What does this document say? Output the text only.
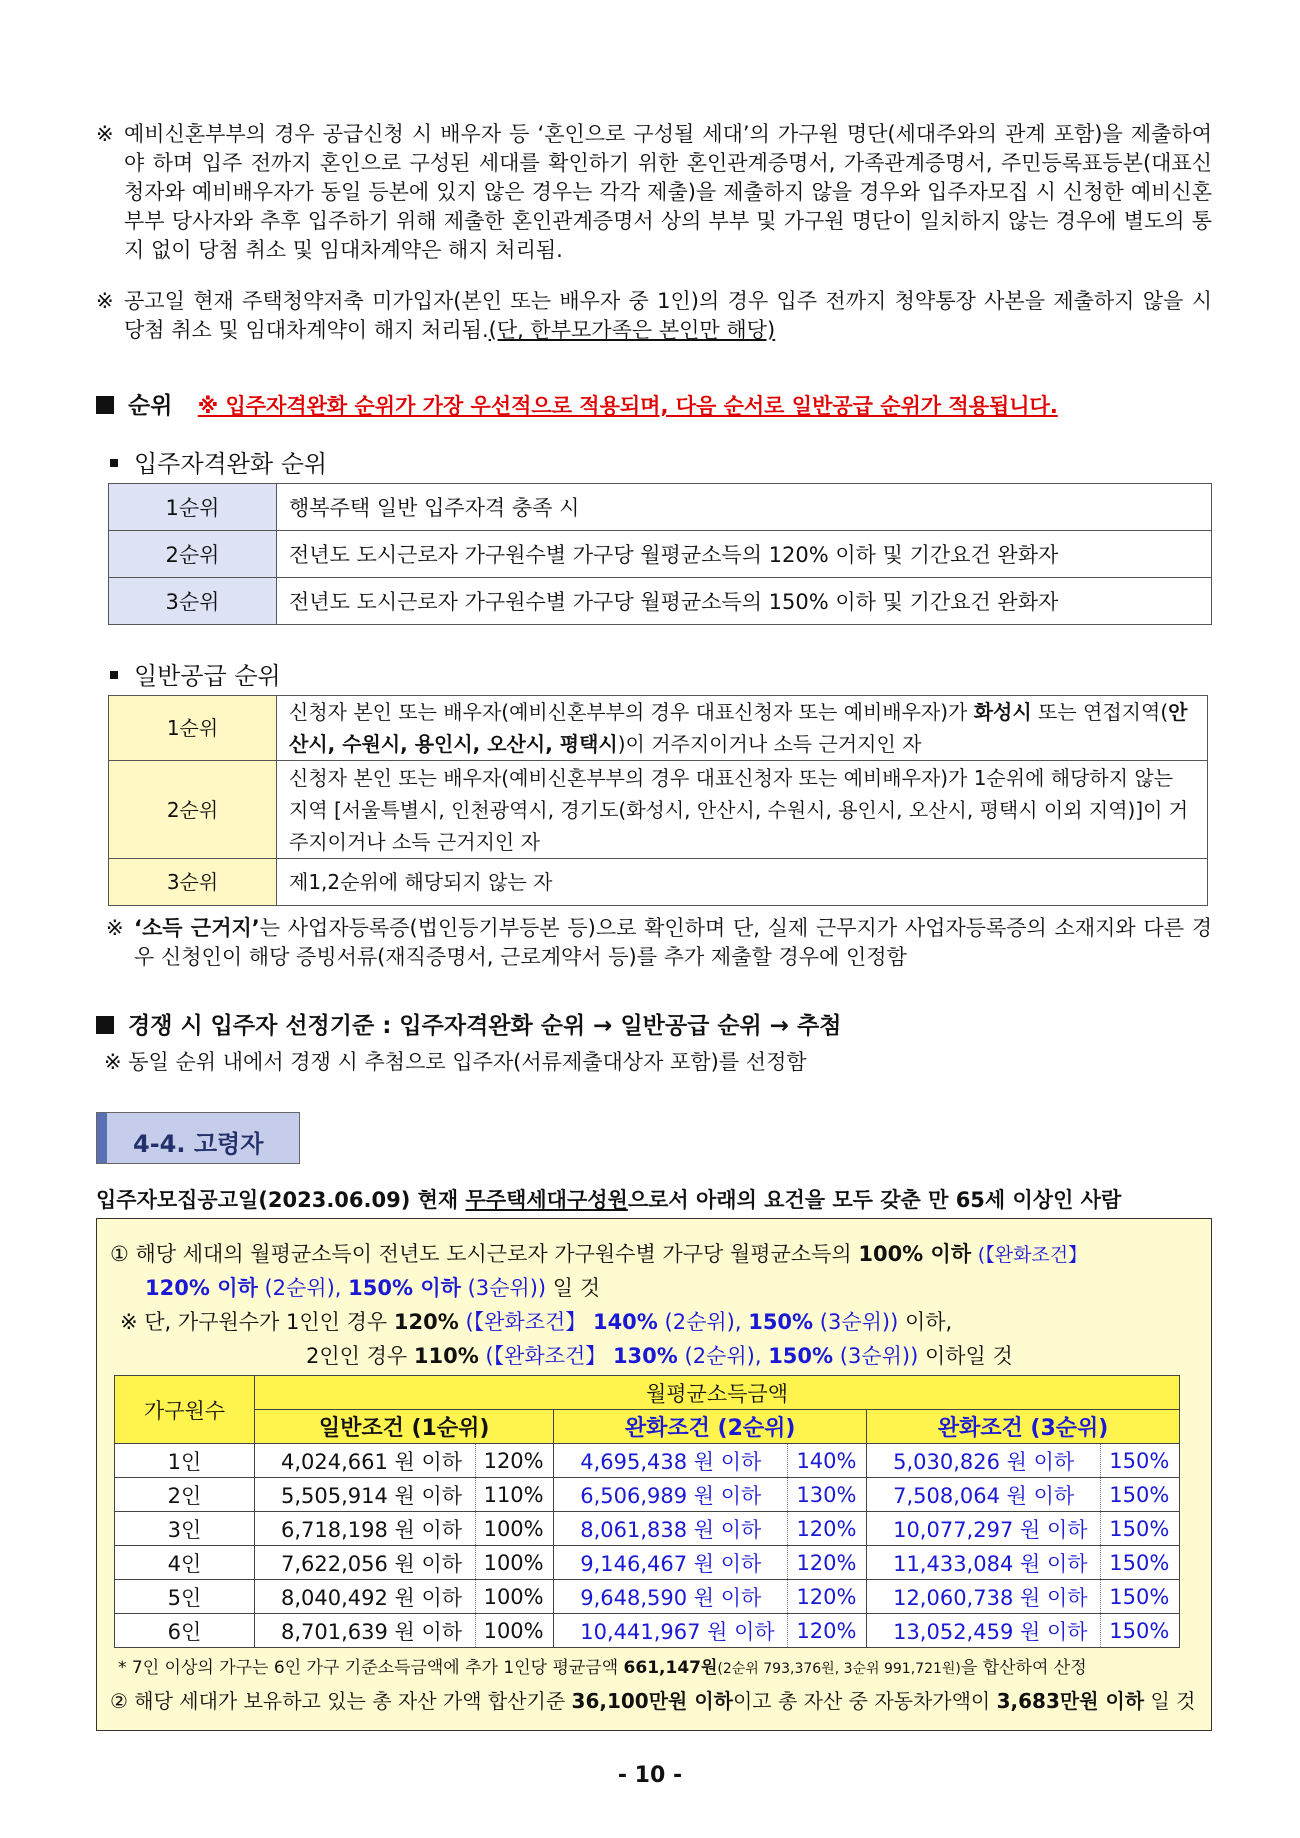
※ 예비신혼부부의 경우 공급신청 시 배우자 등 ‘혼인으로 구성될 세대’의 가구원 명단(세대주와의 관계 포함)을 제출하여야 하며 입주 전까지 혼인으로 구성된 세대를 확인하기 위한 혼인관계증명서, 가족관계증명서, 주민등록표등본(대표신청자와 예비배우자가 동일 등본에 있지 않은 경우는 각각 제출)을 제출하지 않을 경우와 입주자모집 시 신청한 예비신혼부부 당사자와 추후 입주하기 위해 제출한 혼인관계증명서 상의 부부 및 가구원 명단이 일치하지 않는 경우에 별도의 통지 없이 당첨 취소 및 임대차계약은 해지 처리됨.
※ 공고일 현재 주택청약저축 미가입자(본인 또는 배우자 중 1인)의 경우 입주 전까지 청약통장 사본을 제출하지 않을 시 당첨 취소 및 임대차계약이 해지 처리됨.(단, 한부모가족은 본인만 해당)
순위 ※ 입주자격완화 순위가 가장 우선적으로 적용되며, 다음 순서로 일반공급 순위가 적용됩니다.
입주자격완화 순위
1순위	행복주택 일반 입주자격 충족 시
2순위	전년도 도시근로자 가구원수별 가구당 월평균소득의 120% 이하 및 기간요건 완화자
3순위	전년도 도시근로자 가구원수별 가구당 월평균소득의 150% 이하 및 기간요건 완화자
일반공급 순위
1순위	신청자 본인 또는 배우자(예비신혼부부의 경우 대표신청자 또는 예비배우자)가 화성시 또는 연접지역(안산시, 수원시, 용인시, 오산시, 평택시)이 거주지이거나 소득 근거지인 자
2순위	신청자 본인 또는 배우자(예비신혼부부의 경우 대표신청자 또는 예비배우자)가 1순위에 해당하지 않는 지역 [서울특별시, 인천광역시, 경기도(화성시, 안산시, 수원시, 용인시, 오산시, 평택시 이외 지역)]이 거주지이거나 소득 근거지인 자
3순위	제1,2순위에 해당되지 않는 자
※ ‘소득 근거지’는 사업자등록증(법인등기부등본 등)으로 확인하며 단, 실제 근무지가 사업자등록증의 소재지와 다른 경우 신청인이 해당 증빙서류(재직증명서, 근로계약서 등)를 추가 제출할 경우에 인정함
경쟁 시 입주자 선정기준 : 입주자격완화 순위 → 일반공급 순위 → 추첨
※ 동일 순위 내에서 경쟁 시 추첨으로 입주자(서류제출대상자 포함)를 선정함
4-4. 고령자
입주자모집공고일(2023.06.09) 현재 무주택세대구성원으로서 아래의 요건을 모두 갖춘 만 65세 이상인 사람
① 해당 세대의 월평균소득이 전년도 도시근로자 가구원수별 가구당 월평균소득의 100% 이하 (【완화조건】
120% 이하 (2순위), 150% 이하 (3순위)) 일 것
※ 단, 가구원수가 1인인 경우 120% (【완화조건】 140% (2순위), 150% (3순위)) 이하,
2인인 경우 110% (【완화조건】 130% (2순위), 150% (3순위)) 이하일 것
가구원수	월평균소득금액					
	일반조건 (1순위)		완화조건 (2순위)		완화조건 (3순위)	
1인	4,024,661 원 이하	120%	4,695,438 원 이하	140%	5,030,826 원 이하	150%
2인	5,505,914 원 이하	110%	6,506,989 원 이하	130%	7,508,064 원 이하	150%
3인	6,718,198 원 이하	100%	8,061,838 원 이하	120%	10,077,297 원 이하	150%
4인	7,622,056 원 이하	100%	9,146,467 원 이하	120%	11,433,084 원 이하	150%
5인	8,040,492 원 이하	100%	9,648,590 원 이하	120%	12,060,738 원 이하	150%
6인	8,701,639 원 이하	100%	10,441,967 원 이하	120%	13,052,459 원 이하	150%
* 7인 이상의 가구는 6인 가구 기준소득금액에 추가 1인당 평균금액 661,147원(2순위 793,376원, 3순위 991,721원)을 합산하여 산정
② 해당 세대가 보유하고 있는 총 자산 가액 합산기준 36,100만원 이하이고 총 자산 중 자동차가액이 3,683만원 이하 일 것
- 10 -
